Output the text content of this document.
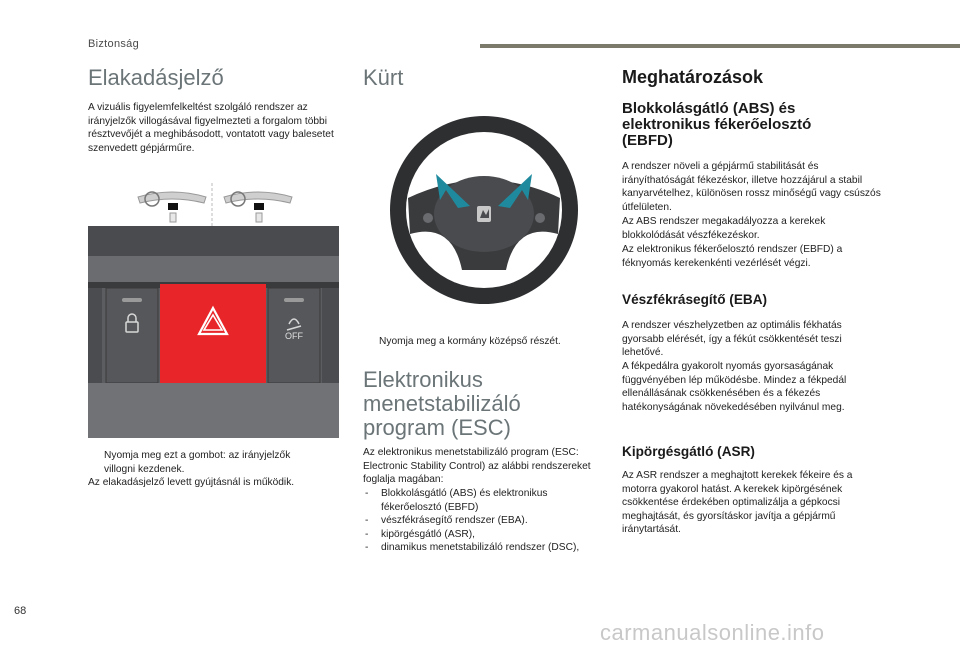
Biztonság
Elakadásjelző

A vizuális figyelemfelkeltést szolgáló rendszer az irányjelzők villogásával figyelmezteti a forgalom többi résztvevőjét a meghibásodott, vontatott vagy balesetet szenvedett gépjárműre.

OFF
Nyomja meg ezt a gombot: az irányjelzők villogni kezdenek.
Az elakadásjelző levett gyújtásnál is működik.
Kürt
Nyomja meg a kormány középső részét.
Elektronikus menetstabilizáló program (ESC)

Az elektronikus menetstabilizáló program (ESC: Electronic Stability Control) az alábbi rendszereket foglalja magában:

- Blokkolásgátló (ABS) és elektronikus fékerőelosztó (EBFD)
- vészfékrásegítő rendszer (EBA).
- kipörgésgátló (ASR),
- dinamikus menetstabilizáló rendszer (DSC),
Meghatározások
Blokkolásgátló (ABS) és elektronikus fékerőelosztó (EBFD)

A rendszer növeli a gépjármű stabilitását és irányíthatóságát fékezéskor, illetve hozzájárul a stabil kanyarvételhez, különösen rossz minőségű vagy csúszós útfelületen.

Az ABS rendszer megakadályozza a kerekek blokkolódását vészfékezéskor.

Az elektronikus fékerőelosztó rendszer (EBFD) a féknyomás kerekenkénti vezérlését végzi.

Vészfékrásegítő (EBA)

A rendszer vészhelyzetben az optimális fékhatás gyorsabb elérését, így a fékút csökkentését teszi lehetővé.

A fékpedálra gyakorolt nyomás gyorsaságának függvényében lép működésbe. Mindez a fékpedál ellenállásának csökkenésében és a fékezés hatékonyságának növekedésében nyilvánul meg.

Kipörgésgátló (ASR)

Az ASR rendszer a meghajtott kerekek fékeire és a motorra gyakorol hatást. A kerekek kipörgésének csökkentése érdekében optimalizálja a gépkocsi meghajtását, és gyorsításkor javítja a gépjármű iránytartását.

68
carmanualsonline.info
